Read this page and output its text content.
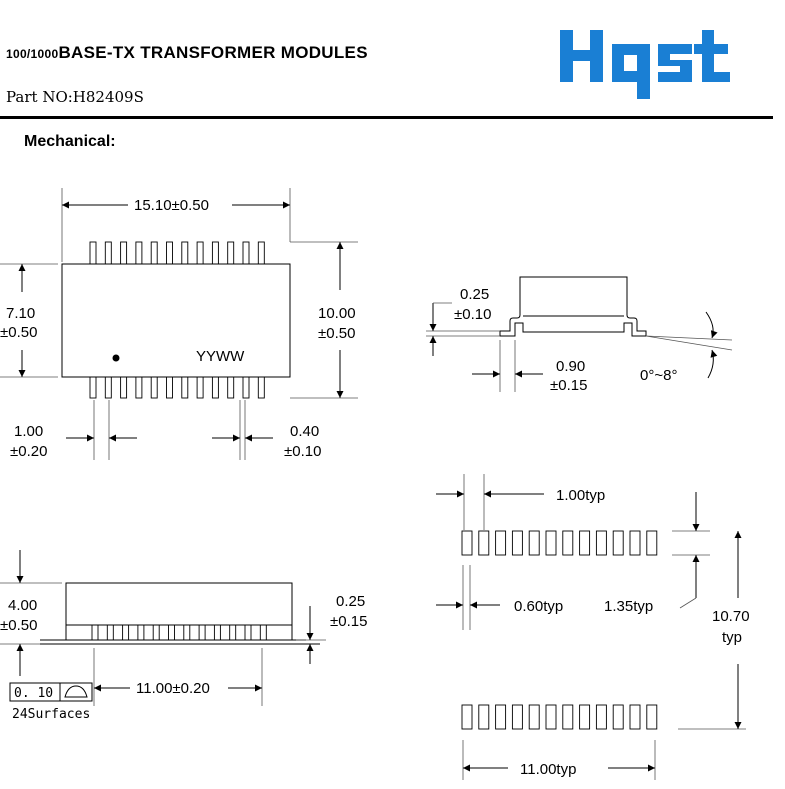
100/1000BASE-TX TRANSFORMER MODULES
Part NO:H82409S
Mechanical:
YYWW
15.10±0.50
7.10
±0.50
10.00
±0.50
1.00
±0.20
0.40
±0.10
0.25
±0.10
0.90
±0.15
0°~8°
4.00
±0.50
0.25
±0.15
11.00±0.20
0. 10
24Surfaces
1.00typ
0.60typ	1.35typ
10.70
typ
11.00typ
